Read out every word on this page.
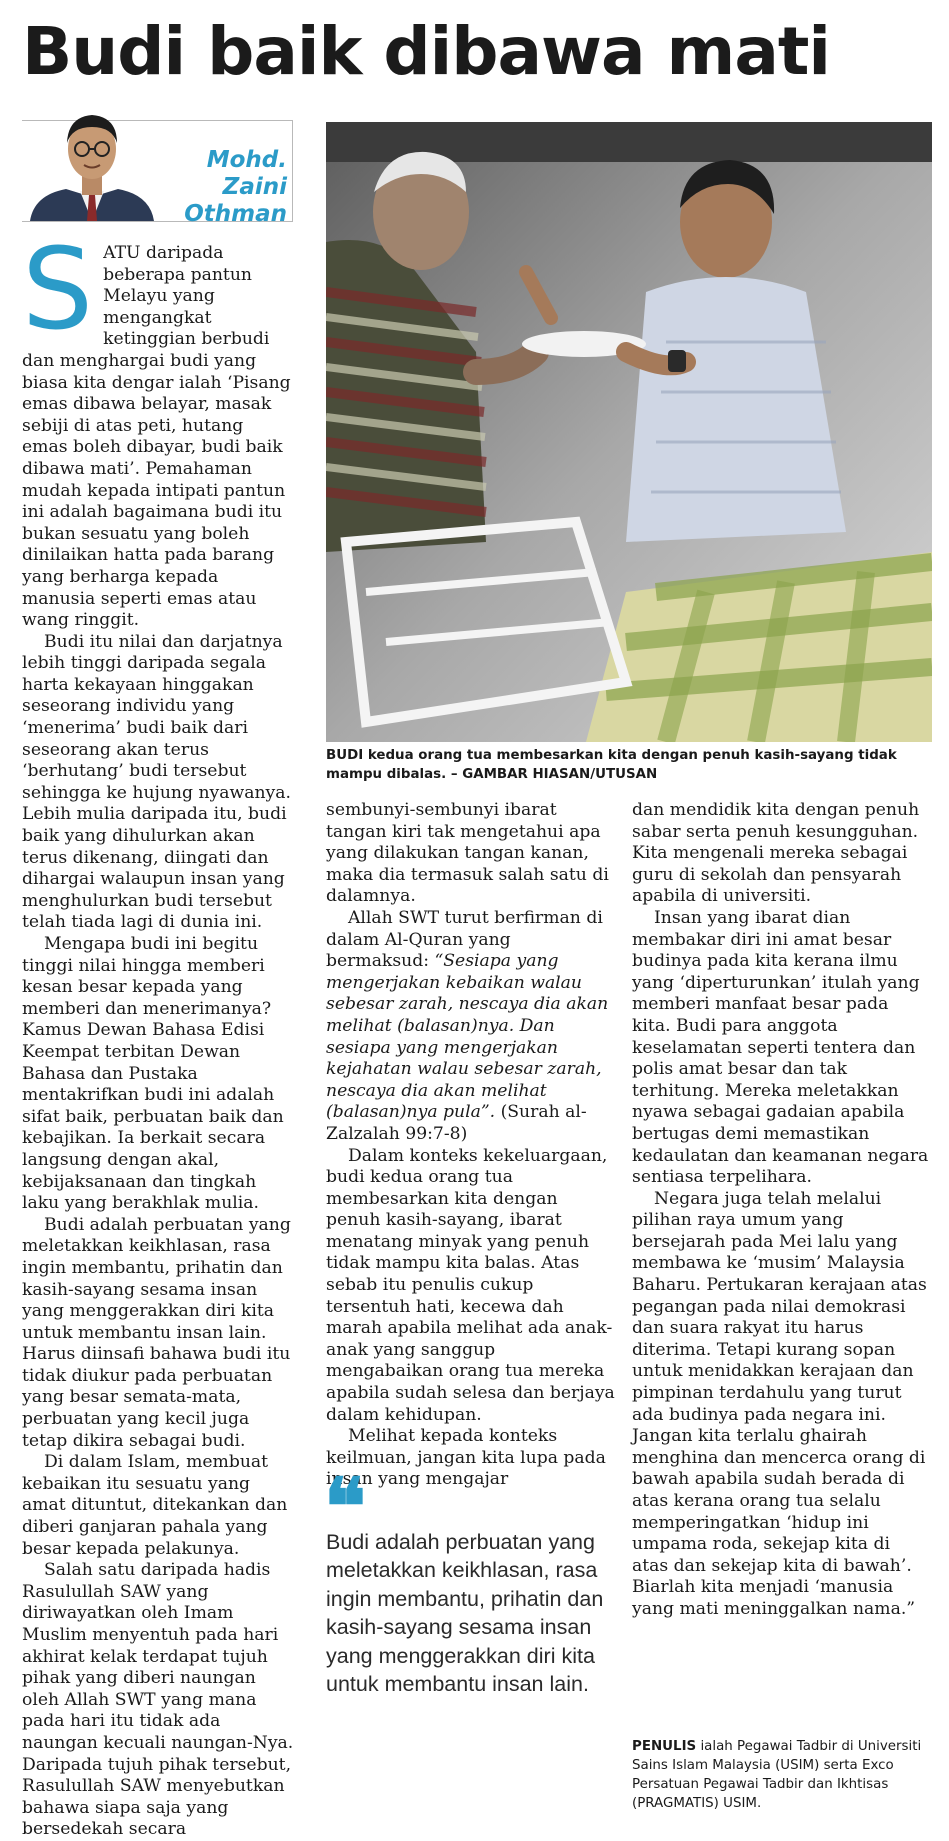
Budi baik dibawa mati
Mohd. Zaini
Othman

S ATU daripada beberapa pantun Melayu yang mengangkat ketinggian berbudi dan menghargai budi yang biasa kita dengar ialah ‘Pisang emas dibawa belayar, masak sebiji di atas peti, hutang emas boleh dibayar, budi baik dibawa mati’. Pemahaman mudah kepada intipati pantun ini adalah bagaimana budi itu bukan sesuatu yang boleh dinilaikan hatta pada barang yang berharga kepada manusia seperti emas atau wang ringgit.

Budi itu nilai dan darjatnya lebih tinggi daripada segala harta kekayaan hinggakan seseorang individu yang ‘menerima’ budi baik dari seseorang akan terus ‘berhutang’ budi tersebut sehingga ke hujung nyawanya. Lebih mulia daripada itu, budi baik yang dihulurkan akan terus dikenang, diingati dan dihargai walaupun insan yang menghulurkan budi tersebut telah tiada lagi di dunia ini.

Mengapa budi ini begitu tinggi nilai hingga memberi kesan besar kepada yang memberi dan menerimanya? Kamus Dewan Bahasa Edisi Keempat terbitan Dewan Bahasa dan Pustaka mentakrifkan budi ini adalah sifat baik, perbuatan baik dan kebajikan. Ia berkait secara langsung dengan akal, kebijaksanaan dan tingkah laku yang berakhlak mulia.

Budi adalah perbuatan yang meletakkan keikhlasan, rasa ingin membantu, prihatin dan kasih-sayang sesama insan yang menggerakkan diri kita untuk membantu insan lain. Harus diinsafi bahawa budi itu tidak diukur pada perbuatan yang besar semata-mata, perbuatan yang kecil juga tetap dikira sebagai budi.

Di dalam Islam, membuat kebaikan itu sesuatu yang amat dituntut, ditekankan dan diberi ganjaran pahala yang besar kepada pelakunya.

Salah satu daripada hadis Rasulullah SAW yang diriwayatkan oleh Imam Muslim menyentuh pada hari akhirat kelak terdapat tujuh pihak yang diberi naungan oleh Allah SWT yang mana pada hari itu tidak ada naungan kecuali naungan-Nya. Daripada tujuh pihak tersebut, Rasulullah SAW menyebutkan bahawa siapa saja yang bersedekah secara

BUDI kedua orang tua membesarkan kita dengan penuh kasih-sayang tidak mampu dibalas. – GAMBAR HIASAN/UTUSAN

sembunyi-sembunyi ibarat tangan kiri tak mengetahui apa yang dilakukan tangan kanan, maka dia termasuk salah satu di dalamnya.

Allah SWT turut berfirman di dalam Al-Quran yang bermaksud: “Sesiapa yang mengerjakan kebaikan walau sebesar zarah, nescaya dia akan melihat (balasan)nya. Dan sesiapa yang mengerjakan kejahatan walau sebesar zarah, nescaya dia akan melihat (balasan)nya pula”. (Surah al-Zalzalah 99:7-8)

Dalam konteks kekeluargaan, budi kedua orang tua membesarkan kita dengan penuh kasih-sayang, ibarat menatang minyak yang penuh tidak mampu kita balas. Atas sebab itu penulis cukup tersentuh hati, kecewa dah marah apabila melihat ada anak-anak yang sanggup mengabaikan orang tua mereka apabila sudah selesa dan berjaya dalam kehidupan.

Melihat kepada konteks keilmuan, jangan kita lupa pada insan yang mengajar

❝
Budi adalah perbuatan yang meletakkan keikhlasan, rasa ingin membantu, prihatin dan kasih-sayang sesama insan yang menggerakkan diri kita untuk membantu insan lain.

dan mendidik kita dengan penuh sabar serta penuh kesungguhan. Kita mengenali mereka sebagai guru di sekolah dan pensyarah apabila di universiti.

Insan yang ibarat dian membakar diri ini amat besar budinya pada kita kerana ilmu yang ‘diperturunkan’ itulah yang memberi manfaat besar pada kita. Budi para anggota keselamatan seperti tentera dan polis amat besar dan tak terhitung. Mereka meletakkan nyawa sebagai gadaian apabila bertugas demi memastikan kedaulatan dan keamanan negara sentiasa terpelihara.

Negara juga telah melalui pilihan raya umum yang bersejarah pada Mei lalu yang membawa ke ‘musim’ Malaysia Baharu. Pertukaran kerajaan atas pegangan pada nilai demokrasi dan suara rakyat itu harus diterima. Tetapi kurang sopan untuk menidakkan kerajaan dan pimpinan terdahulu yang turut ada budinya pada negara ini. Jangan kita terlalu ghairah menghina dan mencerca orang di bawah apabila sudah berada di atas kerana orang tua selalu memperingatkan ‘hidup ini umpama roda, sekejap kita di atas dan sekejap kita di bawah’. Biarlah kita menjadi ‘manusia yang mati meninggalkan nama.”

PENULIS ialah Pegawai Tadbir di Universiti Sains Islam Malaysia (USIM) serta Exco Persatuan Pegawai Tadbir dan Ikhtisas (PRAGMATIS) USIM.
